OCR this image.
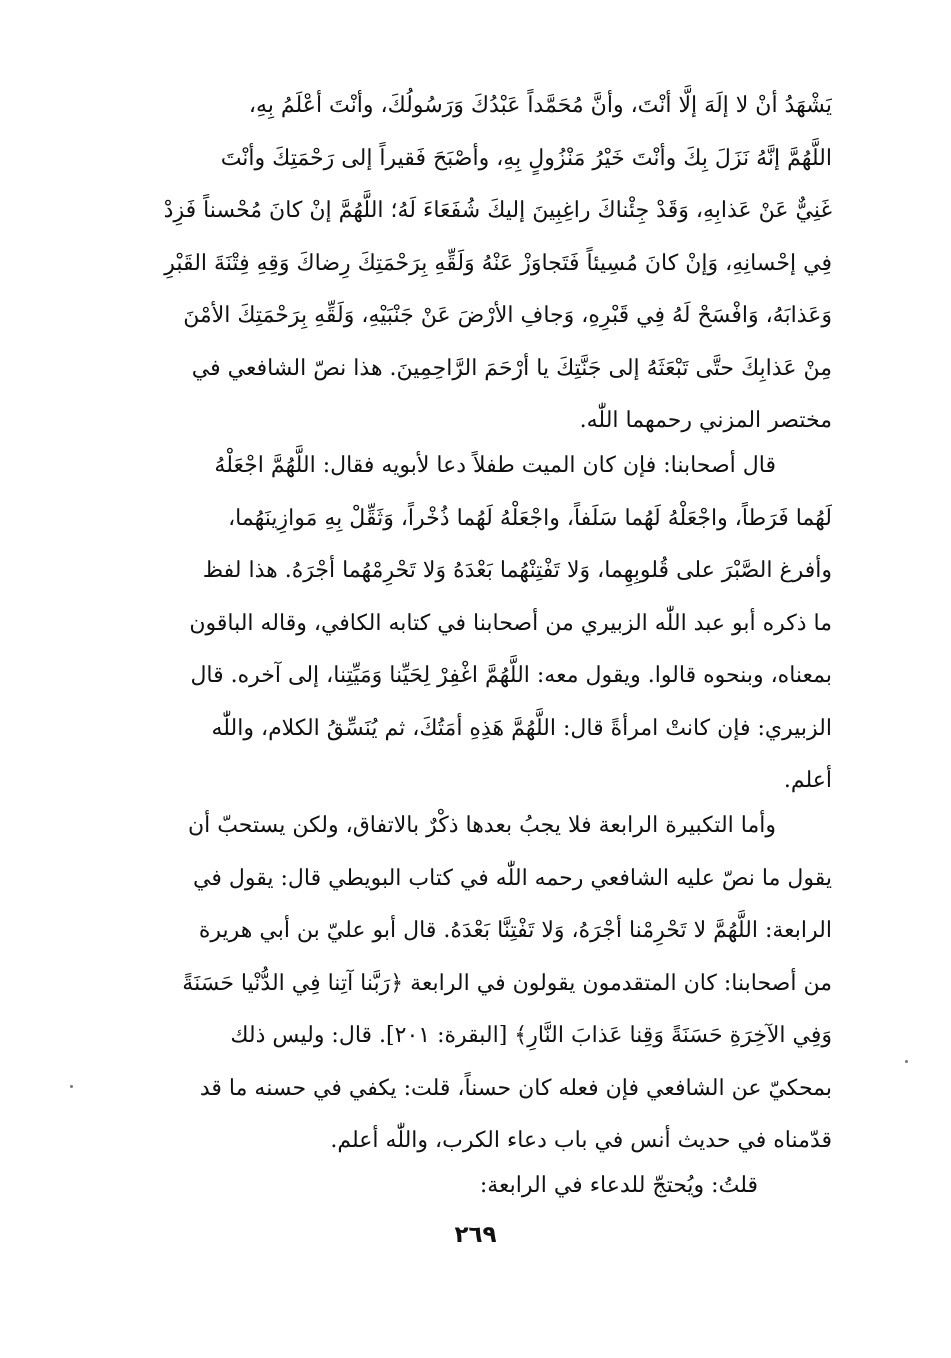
يَشْهَدُ أنْ لا إلَهَ إلَّا أنْتَ، وأنَّ مُحَمَّداً عَبْدُكَ وَرَسُولُكَ، وأنْتَ أعْلَمُ بِهِ،
اللَّهُمَّ إنَّهُ نَزَلَ بِكَ وأنْتَ خَيْرُ مَنْزُولٍ بِهِ، وأصْبَحَ فَقيراً إلى رَحْمَتِكَ وأنْتَ
غَنِيٌّ عَنْ عَذابِهِ، وَقَدْ جِئْناكَ راغِبِينَ إليكَ شُفَعَاءَ لَهُ؛ اللَّهُمَّ إنْ كانَ مُحْسناً فَزِدْ
فِي إحْسانِهِ، وَإنْ كانَ مُسِيئاً فَتَجاوَزْ عَنْهُ وَلَقِّهِ بِرَحْمَتِكَ رِضاكَ وَقِهِ فِتْنَةَ القَبْرِ
وَعَذابَهُ، وَافْسَحْ لَهُ فِي قَبْرِهِ، وَجافِ الأرْضَ عَنْ جَنْبَيْهِ، وَلَقِّهِ بِرَحْمَتِكَ الأمْنَ
مِنْ عَذابِكَ حتَّى تَبْعَثَهُ إلى جَنَّتِكَ يا أرْحَمَ الرَّاحِمِينَ. هذا نصّ الشافعي في
مختصر المزني رحمهما اللّٰه.
قال أصحابنا: فإن كان الميت طفلاً دعا لأبويه فقال: اللَّهُمَّ اجْعَلْهُ
لَهُما فَرَطاً، واجْعَلْهُ لَهُما سَلَفاً، واجْعَلْهُ لَهُما ذُخْراً، وَثَقِّلْ بِهِ مَوازِينَهُما،
وأفرغ الصَّبْرَ على قُلوبِهِما، وَلا تَفْتِنْهُما بَعْدَهُ وَلا تَحْرِمْهُما أجْرَهُ. هذا لفظ
ما ذكره أبو عبد اللّٰه الزبيري من أصحابنا في كتابه الكافي، وقاله الباقون
بمعناه، وبنحوه قالوا. ويقول معه: اللَّهُمَّ اغْفِرْ لِحَيِّنا وَمَيِّتِنا، إلى آخره. قال
الزبيري: فإن كانتْ امرأةً قال: اللَّهُمَّ هَذِهِ أمَتُكَ، ثم يُنَسِّقُ الكلام، واللّٰه
أعلم.
وأما التكبيرة الرابعة فلا يجبُ بعدها ذكْرٌ بالاتفاق، ولكن يستحبّ أن
يقول ما نصّ عليه الشافعي رحمه اللّٰه في كتاب البويطي قال: يقول في
الرابعة: اللَّهُمَّ لا تَحْرِمْنا أجْرَهُ، وَلا تَفْتِنَّا بَعْدَهُ. قال أبو عليّ بن أبي هريرة
من أصحابنا: كان المتقدمون يقولون في الرابعة ﴿رَبَّنا آتِنا فِي الدُّنْيا حَسَنَةً
وَفِي الآخِرَةِ حَسَنَةً وَقِنا عَذابَ النَّارِ﴾ [البقرة: ٢٠١]. قال: وليس ذلك
بمحكيّ عن الشافعي فإن فعله كان حسناً، قلت: يكفي في حسنه ما قد
قدّمناه في حديث أنس في باب دعاء الكرب، واللّٰه أعلم.
قلتُ: ويُحتجّ للدعاء في الرابعة:
٢٦٩
